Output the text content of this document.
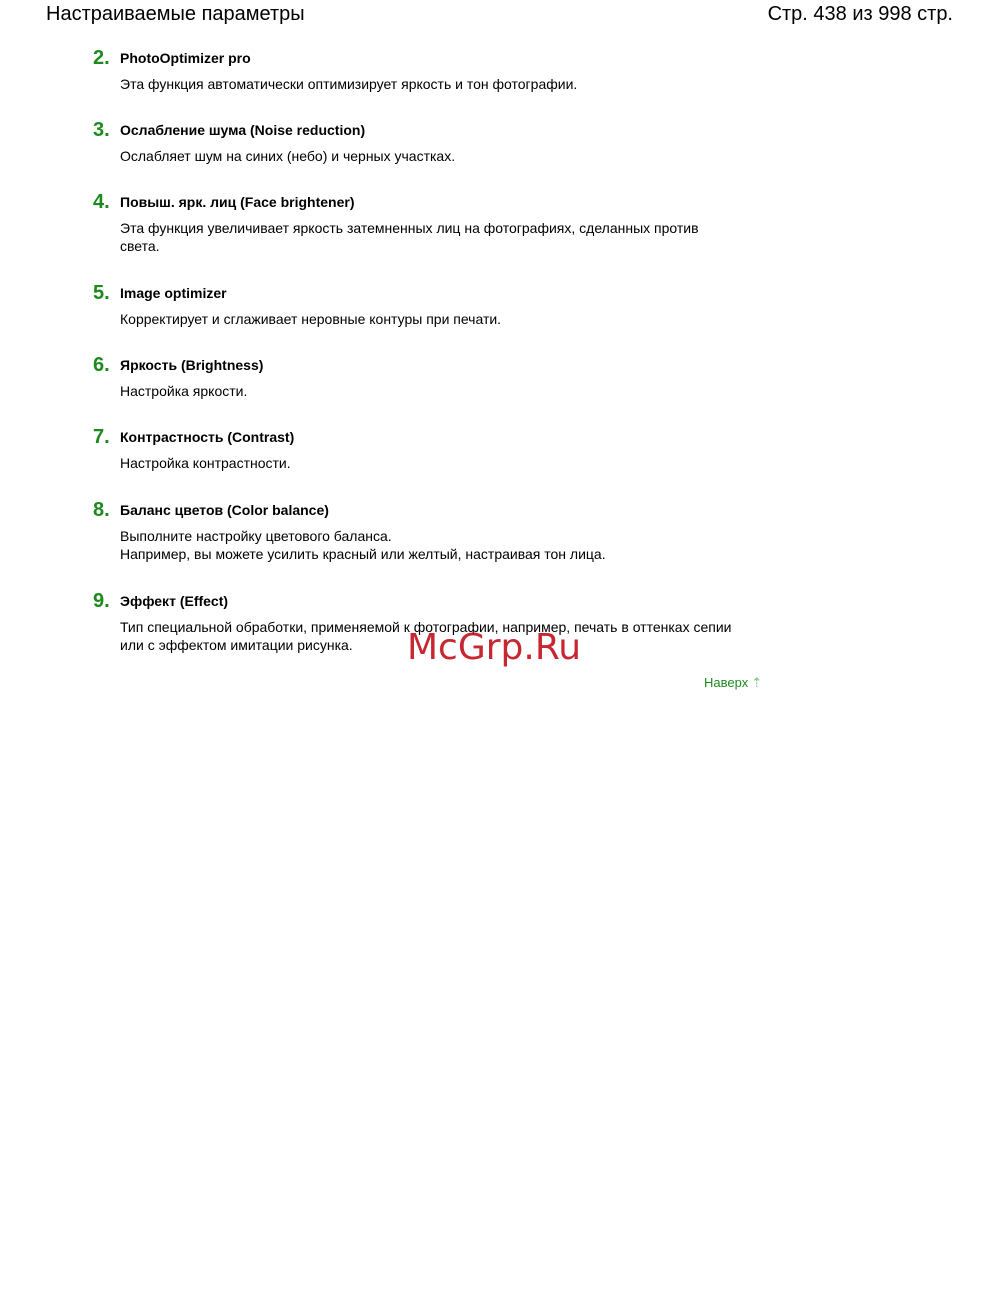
Настраиваемые параметры	Стр. 438 из 998 стр.
2. PhotoOptimizer pro

Эта функция автоматически оптимизирует яркость и тон фотографии.

3. Ослабление шума (Noise reduction)

Ослабляет шум на синих (небо) и черных участках.

4. Повыш. ярк. лиц (Face brightener)

Эта функция увеличивает яркость затемненных лиц на фотографиях, сделанных против света.

5. Image optimizer

Корректирует и сглаживает неровные контуры при печати.

6. Яркость (Brightness)

Настройка яркости.

7. Контрастность (Contrast)

Настройка контрастности.

8. Баланс цветов (Color balance)

Выполните настройку цветового баланса.

Например, вы можете усилить красный или желтый, настраивая тон лица.

9. Эффект (Effect)

Тип специальной обработки, применяемой к фотографии, например, печать в оттенках сепии или с эффектом имитации рисунка.

Наверх ⇡
McGrp.Ru
